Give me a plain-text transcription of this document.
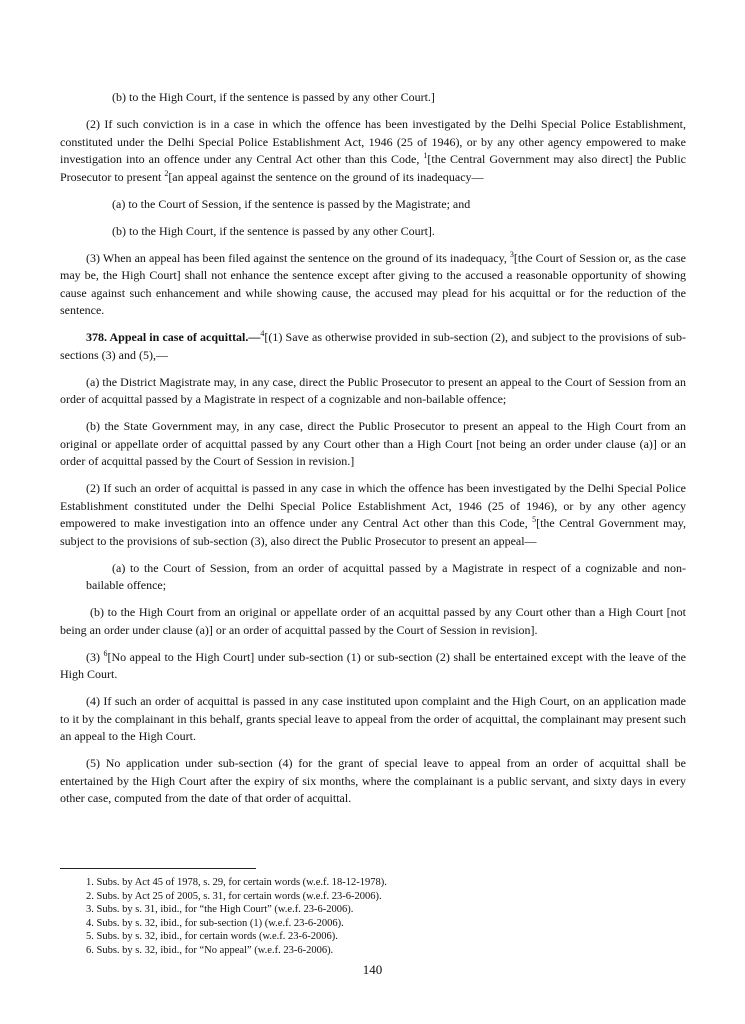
(b) to the High Court, if the sentence is passed by any other Court.]

(2) If such conviction is in a case in which the offence has been investigated by the Delhi Special Police Establishment, constituted under the Delhi Special Police Establishment Act, 1946 (25 of 1946), or by any other agency empowered to make investigation into an offence under any Central Act other than this Code, $^1$[the Central Government may also direct] the Public Prosecutor to present $^2$[an appeal against the sentence on the ground of its inadequacy—

(a) to the Court of Session, if the sentence is passed by the Magistrate; and

(b) to the High Court, if the sentence is passed by any other Court].

(3) When an appeal has been filed against the sentence on the ground of its inadequacy, $^3$[the Court of Session or, as the case may be, the High Court] shall not enhance the sentence except after giving to the accused a reasonable opportunity of showing cause against such enhancement and while showing cause, the accused may plead for his acquittal or for the reduction of the sentence.

378. Appeal in case of acquittal.—$^4$[(1) Save as otherwise provided in sub-section (2), and subject to the provisions of sub-sections (3) and (5),—

(a) the District Magistrate may, in any case, direct the Public Prosecutor to present an appeal to the Court of Session from an order of acquittal passed by a Magistrate in respect of a cognizable and non-bailable offence;

(b) the State Government may, in any case, direct the Public Prosecutor to present an appeal to the High Court from an original or appellate order of acquittal passed by any Court other than a High Court [not being an order under clause (a)] or an order of acquittal passed by the Court of Session in revision.]

(2) If such an order of acquittal is passed in any case in which the offence has been investigated by the Delhi Special Police Establishment constituted under the Delhi Special Police Establishment Act, 1946 (25 of 1946), or by any other agency empowered to make investigation into an offence under any Central Act other than this Code, $^5$[the Central Government may, subject to the provisions of sub-section (3), also direct the Public Prosecutor to present an appeal—

(a) to the Court of Session, from an order of acquittal passed by a Magistrate in respect of a cognizable and non-bailable offence;

(b) to the High Court from an original or appellate order of an acquittal passed by any Court other than a High Court [not being an order under clause (a)] or an order of acquittal passed by the Court of Session in revision].

(3) $^6$[No appeal to the High Court] under sub-section (1) or sub-section (2) shall be entertained except with the leave of the High Court.

(4) If such an order of acquittal is passed in any case instituted upon complaint and the High Court, on an application made to it by the complainant in this behalf, grants special leave to appeal from the order of acquittal, the complainant may present such an appeal to the High Court.

(5) No application under sub-section (4) for the grant of special leave to appeal from an order of acquittal shall be entertained by the High Court after the expiry of six months, where the complainant is a public servant, and sixty days in every other case, computed from the date of that order of acquittal.

1. Subs. by Act 45 of 1978, s. 29, for certain words (w.e.f. 18-12-1978).

2. Subs. by Act 25 of 2005, s. 31, for certain words (w.e.f. 23-6-2006).

3. Subs. by s. 31, ibid., for “the High Court” (w.e.f. 23-6-2006).

4. Subs. by s. 32, ibid., for sub-section (1) (w.e.f. 23-6-2006).

5. Subs. by s. 32, ibid., for certain words (w.e.f. 23-6-2006).

6. Subs. by s. 32, ibid., for “No appeal” (w.e.f. 23-6-2006).

140
